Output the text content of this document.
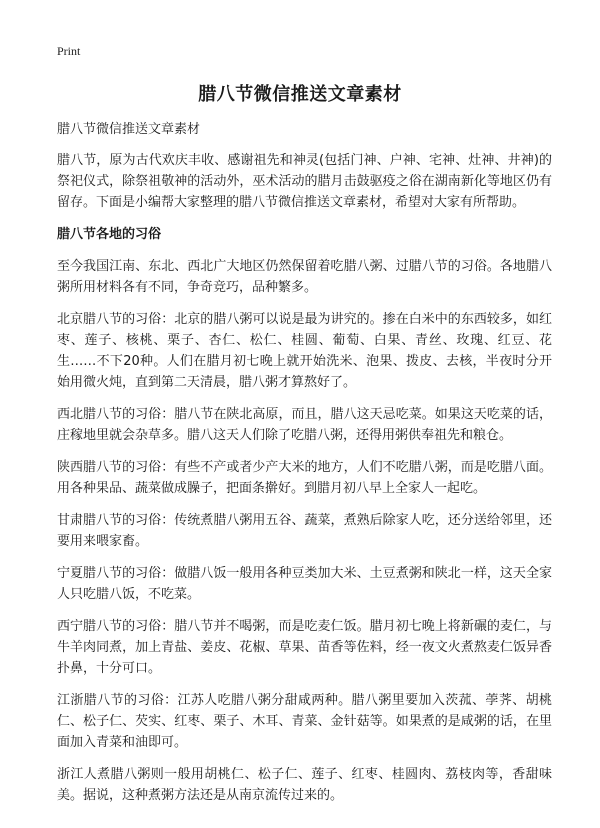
Print
腊八节微信推送文章素材

腊八节微信推送文章素材

腊八节，原为古代欢庆丰收、感谢祖先和神灵(包括门神、户神、宅神、灶神、井神)的祭祀仪式，除祭祖敬神的活动外，巫术活动的腊月击鼓驱疫之俗在湖南新化等地区仍有留存。下面是小编帮大家整理的腊八节微信推送文章素材，希望对大家有所帮助。

腊八节各地的习俗

至今我国江南、东北、西北广大地区仍然保留着吃腊八粥、过腊八节的习俗。各地腊八粥所用材料各有不同，争奇竞巧，品种繁多。

北京腊八节的习俗：北京的腊八粥可以说是最为讲究的。掺在白米中的东西较多，如红枣、莲子、核桃、栗子、杏仁、松仁、桂圆、葡萄、白果、青丝、玫瑰、红豆、花生……不下20种。人们在腊月初七晚上就开始洗米、泡果、拨皮、去核，半夜时分开始用微火炖，直到第二天清晨，腊八粥才算熬好了。

西北腊八节的习俗：腊八节在陕北高原，而且，腊八这天忌吃菜。如果这天吃菜的话，庄稼地里就会杂草多。腊八这天人们除了吃腊八粥，还得用粥供奉祖先和粮仓。

陕西腊八节的习俗：有些不产或者少产大米的地方，人们不吃腊八粥，而是吃腊八面。用各种果品、蔬菜做成臊子，把面条擀好。到腊月初八早上全家人一起吃。

甘肃腊八节的习俗：传统煮腊八粥用五谷、蔬菜，煮熟后除家人吃，还分送给邻里，还要用来喂家畜。

宁夏腊八节的习俗：做腊八饭一般用各种豆类加大米、土豆煮粥和陕北一样，这天全家人只吃腊八饭，不吃菜。

西宁腊八节的习俗：腊八节并不喝粥，而是吃麦仁饭。腊月初七晚上将新碾的麦仁，与牛羊肉同煮，加上青盐、姜皮、花椒、草果、苗香等佐料，经一夜文火煮熬麦仁饭异香扑鼻，十分可口。

江浙腊八节的习俗：江苏人吃腊八粥分甜咸两种。腊八粥里要加入茨菰、荸荠、胡桃仁、松子仁、芡实、红枣、栗子、木耳、青菜、金针菇等。如果煮的是咸粥的话，在里面加入青菜和油即可。

浙江人煮腊八粥则一般用胡桃仁、松子仁、莲子、红枣、桂圆肉、荔枝肉等，香甜味美。据说，这种煮粥方法还是从南京流传过来的。
